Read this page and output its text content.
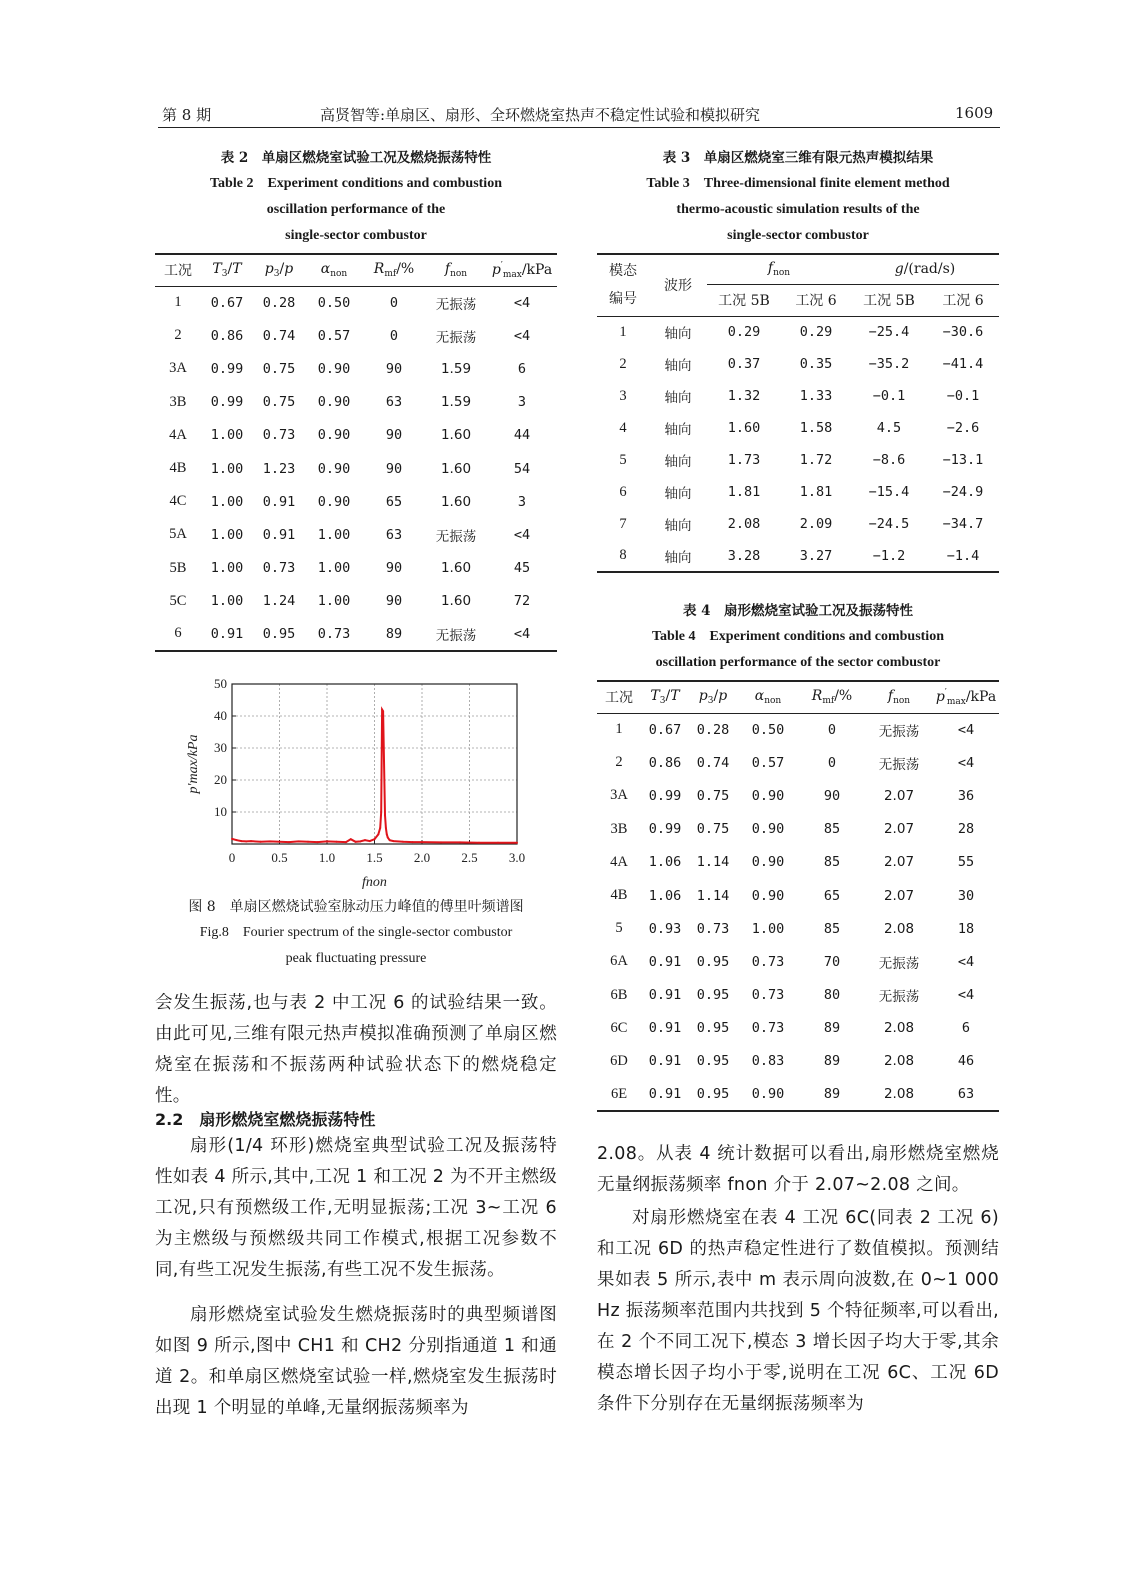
第 8 期	高贤智等:单扇区、扇形、全环燃烧室热声不稳定性试验和模拟研究	1609
表 2　单扇区燃烧室试验工况及燃烧振荡特性
Table 2　Experiment conditions and combustion
oscillation performance of the
single-sector combustor
工况	$T_3/T$	$p_3/p$	$\alpha_{non}$	$R_{mf}/\%$	$f_{non}$	$p'_{max}$/kPa
1	0.67	0.28	0.50	0	无振荡	<4
2	0.86	0.74	0.57	0	无振荡	<4
3A	0.99	0.75	0.90	90	1.59	6
3B	0.99	0.75	0.90	63	1.59	3
4A	1.00	0.73	0.90	90	1.60	44
4B	1.00	1.23	0.90	90	1.60	54
4C	1.00	0.91	0.90	65	1.60	3
5A	1.00	0.91	1.00	63	无振荡	<4
5B	1.00	0.73	1.00	90	1.60	45
5C	1.00	1.24	1.00	90	1.60	72
6	0.91	0.95	0.73	89	无振荡	<4
0	0.5 1.0 1.5 2.0 2.5 3.0
10
20
30
40
50
fnon
p'max/kPa
图 8　单扇区燃烧试验室脉动压力峰值的傅里叶频谱图
Fig.8　Fourier spectrum of the single-sector combustor
peak fluctuating pressure
会发生振荡,也与表 2 中工况 6 的试验结果一致。由此可见,三维有限元热声模拟准确预测了单扇区燃烧室在振荡和不振荡两种试验状态下的燃烧稳定性。
2.2　扇形燃烧室燃烧振荡特性
扇形(1/4 环形)燃烧室典型试验工况及振荡特性如表 4 所示,其中,工况 1 和工况 2 为不开主燃级工况,只有预燃级工作,无明显振荡;工况 3~工况 6 为主燃级与预燃级共同工作模式,根据工况参数不同,有些工况发生振荡,有些工况不发生振荡。
扇形燃烧室试验发生燃烧振荡时的典型频谱图如图 9 所示,图中 CH1 和 CH2 分别指通道 1 和通道 2。和单扇区燃烧室试验一样,燃烧室发生振荡时出现 1 个明显的单峰,无量纲振荡频率为
表 3　单扇区燃烧室三维有限元热声模拟结果
Table 3　Three-dimensional finite element method
thermo-acoustic simulation results of the
single-sector combustor
模态
编号	波形	$f_{non}$		g/(rad/s)	
		工况 5B	工况 6	工况 5B	工况 6
1	轴向	0.29	0.29	−25.4	−30.6
2	轴向	0.37	0.35	−35.2	−41.4
3	轴向	1.32	1.33	−0.1	−0.1
4	轴向	1.60	1.58	4.5	−2.6
5	轴向	1.73	1.72	−8.6	−13.1
6	轴向	1.81	1.81	−15.4	−24.9
7	轴向	2.08	2.09	−24.5	−34.7
8	轴向	3.28	3.27	−1.2	−1.4
表 4　扇形燃烧室试验工况及振荡特性
Table 4　Experiment conditions and combustion
oscillation performance of the sector combustor
工况	$T_3/T$	$p_3/p$	$\alpha_{non}$	$R_{mf}/\%$	$f_{non}$	$p'_{max}$/kPa
1	0.67	0.28	0.50	0	无振荡	<4
2	0.86	0.74	0.57	0	无振荡	<4
3A	0.99	0.75	0.90	90	2.07	36
3B	0.99	0.75	0.90	85	2.07	28
4A	1.06	1.14	0.90	85	2.07	55
4B	1.06	1.14	0.90	65	2.07	30
5	0.93	0.73	1.00	85	2.08	18
6A	0.91	0.95	0.73	70	无振荡	<4
6B	0.91	0.95	0.73	80	无振荡	<4
6C	0.91	0.95	0.73	89	2.08	6
6D	0.91	0.95	0.83	89	2.08	46
6E	0.91	0.95	0.90	89	2.08	63
2.08。从表 4 统计数据可以看出,扇形燃烧室燃烧无量纲振荡频率 fnon 介于 2.07~2.08 之间。
对扇形燃烧室在表 4 工况 6C(同表 2 工况 6)和工况 6D 的热声稳定性进行了数值模拟。预测结果如表 5 所示,表中 m 表示周向波数,在 0~1 000 Hz 振荡频率范围内共找到 5 个特征频率,可以看出,在 2 个不同工况下,模态 3 增长因子均大于零,其余模态增长因子均小于零,说明在工况 6C、工况 6D 条件下分别存在无量纲振荡频率为
